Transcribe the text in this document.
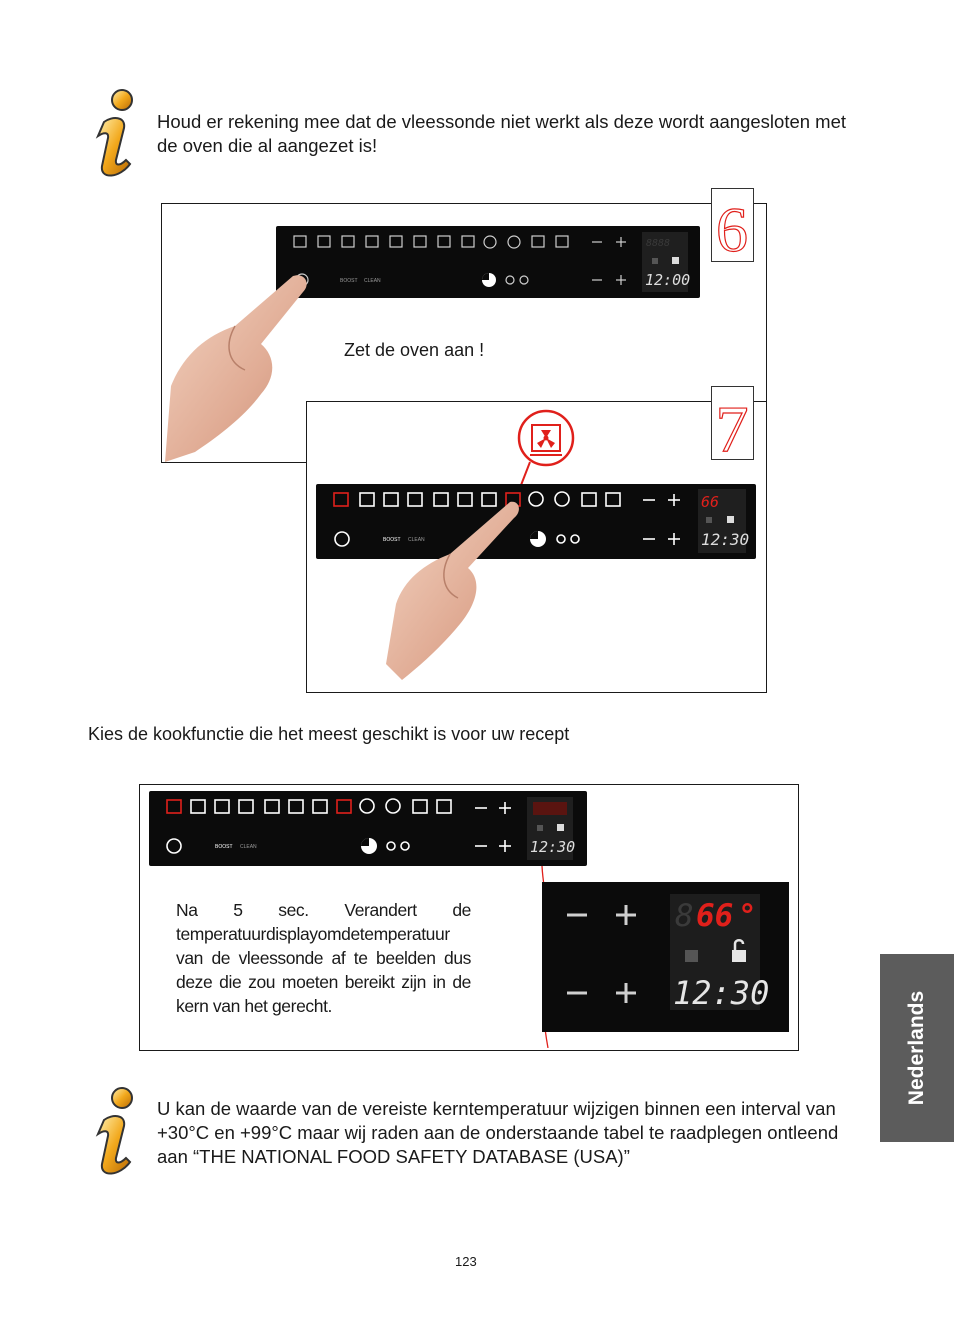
Houd er rekening mee dat de vleessonde niet werkt als deze wordt aangesloten met de oven die al aangezet is!
BOOST CLEAN
8888
12:00
6
Zet de oven aan !
7
BOOST CLEAN
66
12:30
Kies de kookfunctie die het meest geschikt is voor uw recept
BOOST CLEAN	12:30
8 66 °
12:30
Na 5 sec. Verandert de temperatuurdisplayomdetemperatuur van de vleessonde af te beelden dus deze die zou moeten bereikt zijn in de kern van het gerecht.	Nederlands
U kan de waarde van de vereiste kerntemperatuur wijzigen binnen een interval van +30°C en +99°C maar wij raden aan de onderstaande tabel te raadplegen ontleend aan “THE NATIONAL FOOD SAFETY DATABASE (USA)”
123
